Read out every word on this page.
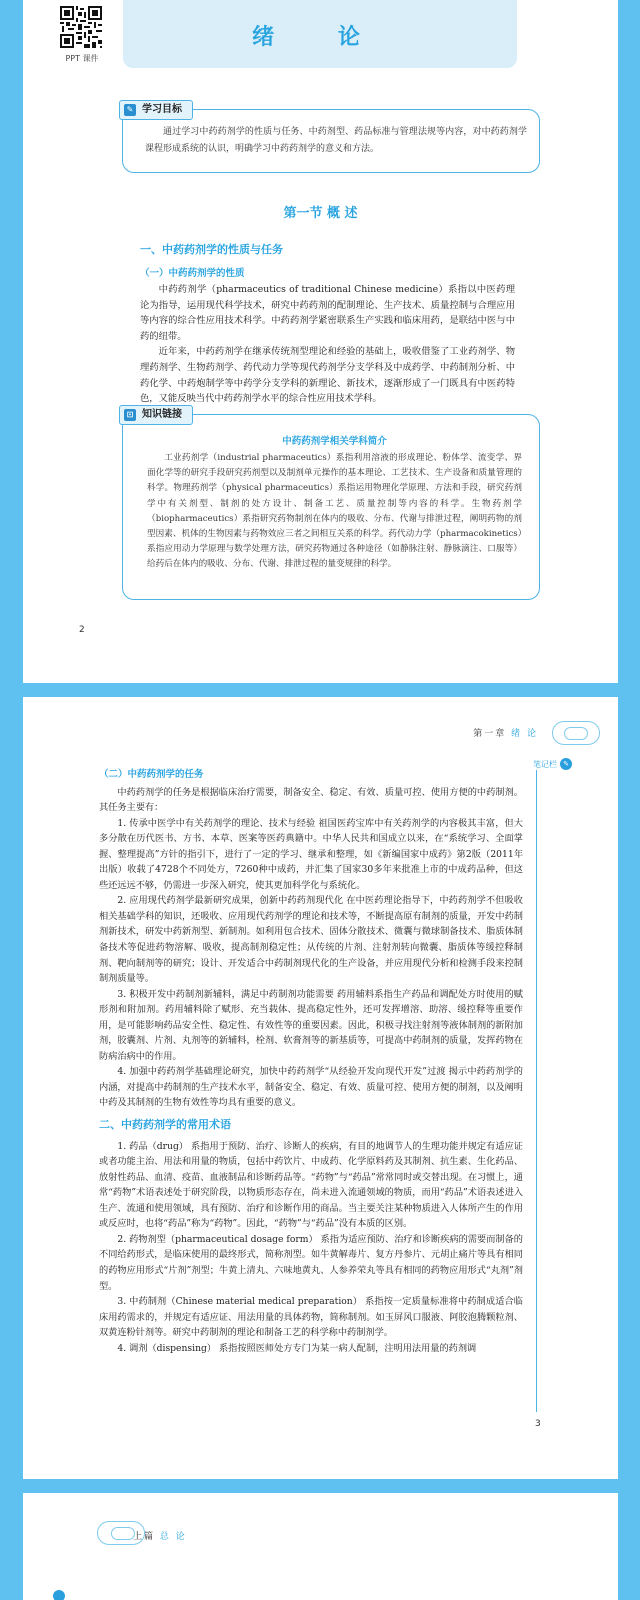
PPT 课件
绪 论
✎ 学习目标
通过学习中药药剂学的性质与任务、中药剂型、药品标准与管理法规等内容，对中药药剂学课程形成系统的认识，明确学习中药药剂学的意义和方法。
第一节 概 述
一、中药药剂学的性质与任务
（一）中药药剂学的性质

中药药剂学（pharmaceutics of traditional Chinese medicine）系指以中医药理论为指导，运用现代科学技术，研究中药药剂的配制理论、生产技术、质量控制与合理应用等内容的综合性应用技术科学。中药药剂学紧密联系生产实践和临床用药，是联结中医与中药的纽带。

近年来，中药药剂学在继承传统剂型理论和经验的基础上，吸收借鉴了工业药剂学、物理药剂学、生物药剂学、药代动力学等现代药剂学分支学科及中成药学、中药制剂分析、中药化学、中药炮制学等中药学分支学科的新理论、新技术，逐渐形成了一门既具有中医药特色，又能反映当代中药药剂学水平的综合性应用技术学科。

⊡ 知识链接
中药药剂学相关学科简介

工业药剂学（industrial pharmaceutics）系指利用溶液的形成理论、粉体学、流变学、界面化学等的研究手段研究药剂型以及制剂单元操作的基本理论、工艺技术、生产设备和质量管理的科学。物理药剂学（physical pharmaceutics）系指运用物理化学原理、方法和手段，研究药剂学中有关剂型、制剂的处方设计、制备工艺、质量控制等内容的科学。生物药剂学（biopharmaceutics）系指研究药物制剂在体内的吸收、分布、代谢与排泄过程，阐明药物的剂型因素、机体的生物因素与药物效应三者之间相互关系的科学。药代动力学（pharmacokinetics）系指应用动力学原理与数学处理方法，研究药物通过各种途径（如静脉注射、静脉滴注、口服等）给药后在体内的吸收、分布、代谢、排泄过程的量变规律的科学。

2
第一章 绪 论
笔记栏 ✎

（二）中药药剂学的任务

中药药剂学的任务是根据临床治疗需要，制备安全、稳定、有效、质量可控、使用方便的中药制剂。其任务主要有：

1. 传承中医学中有关药剂学的理论、技术与经验 祖国医药宝库中有关药剂学的内容极其丰富，但大多分散在历代医书、方书、本草、医案等医药典籍中。中华人民共和国成立以来，在“系统学习、全面掌握、整理提高”方针的指引下，进行了一定的学习、继承和整理，如《新编国家中成药》第2版（2011年出版）收载了4728个不同处方，7260种中成药，并汇集了国家30多年来批准上市的中成药品种，但这些还远远不够，仍需进一步深入研究，使其更加科学化与系统化。

2. 应用现代药剂学最新研究成果，创新中药药剂现代化 在中医药理论指导下，中药药剂学不但吸收相关基础学科的知识，还吸收、应用现代药剂学的理论和技术等，不断提高原有制剂的质量，开发中药制剂新技术，研发中药新剂型、新制剂。如利用包合技术、固体分散技术、微囊与微球制备技术、脂质体制备技术等促进药物溶解、吸收，提高制剂稳定性；从传统的片剂、注射剂转向微囊、脂质体等缓控释制剂、靶向制剂等的研究；设计、开发适合中药制剂现代化的生产设备，并应用现代分析和检测手段来控制制剂质量等。

3. 积极开发中药制剂新辅料，满足中药制剂功能需要 药用辅料系指生产药品和调配处方时使用的赋形剂和附加剂。药用辅料除了赋形、充当载体、提高稳定性外，还可发挥增溶、助溶、缓控释等重要作用，是可能影响药品安全性、稳定性、有效性等的重要因素。因此，积极寻找注射剂等液体制剂的新附加剂，胶囊剂、片剂、丸剂等的新辅料，栓剂、软膏剂等的新基质等，可提高中药制剂的质量，发挥药物在防病治病中的作用。

4. 加强中药药剂学基础理论研究，加快中药药剂学“从经验开发向现代开发”过渡 揭示中药药剂学的内涵，对提高中药制剂的生产技术水平，制备安全、稳定、有效、质量可控、使用方便的制剂，以及阐明中药及其制剂的生物有效性等均具有重要的意义。

二、中药药剂学的常用术语

1. 药品（drug） 系指用于预防、治疗、诊断人的疾病，有目的地调节人的生理功能并规定有适应证或者功能主治、用法和用量的物质，包括中药饮片、中成药、化学原料药及其制剂、抗生素、生化药品、放射性药品、血清、疫苗、血液制品和诊断药品等。“药物”与“药品”常常同时或交替出现。在习惯上，通常“药物”术语表述处于研究阶段，以物质形态存在，尚未进入流通领域的物质，而用“药品”术语表述进入生产、流通和使用领域，具有预防、治疗和诊断作用的商品。当主要关注某种物质进入人体所产生的作用或反应时，也将“药品”称为“药物”。因此，“药物”与“药品”没有本质的区别。

2. 药物剂型（pharmaceutical dosage form） 系指为适应预防、治疗和诊断疾病的需要而制备的不同给药形式，是临床使用的最终形式，简称剂型。如牛黄解毒片、复方丹参片、元胡止痛片等具有相同的药物应用形式“片剂”剂型；牛黄上清丸、六味地黄丸、人参养荣丸等具有相同的药物应用形式“丸剂”剂型。

3. 中药制剂（Chinese material medical preparation） 系指按一定质量标准将中药制成适合临床用药需求的，并规定有适应证、用法用量的具体药物，简称制剂。如玉屏风口服液、阿胶泡腾颗粒剂、双黄连粉针剂等。研究中药制剂的理论和制备工艺的科学称中药制剂学。

4. 调剂（dispensing） 系指按照医师处方专门为某一病人配制，注明用法用量的药剂调

3
上篇 总 论
